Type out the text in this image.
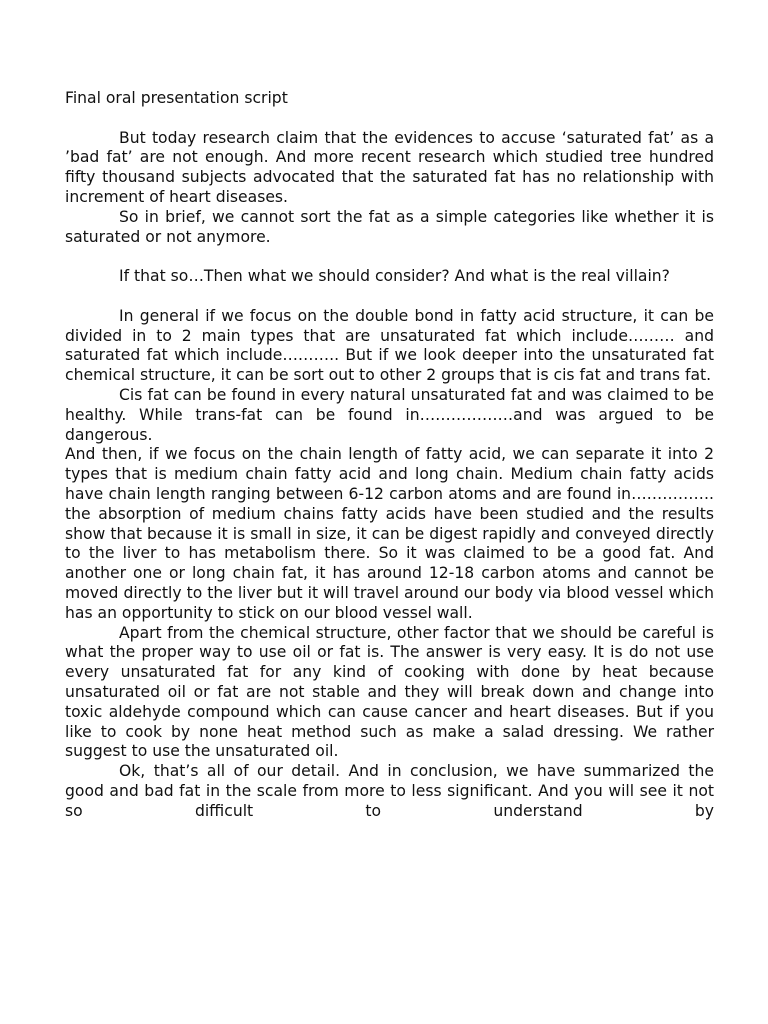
Final oral presentation script

But today research claim that the evidences to accuse ‘saturated fat’ as a ’bad fat’ are not enough. And more recent research which studied tree hundred fifty thousand subjects advocated that the saturated fat has no relationship with increment of heart diseases.

So in brief, we cannot sort the fat as a simple categories like whether it is saturated or not anymore.

If that so…Then what we should consider? And what is the real villain?

In general if we focus on the double bond in fatty acid structure, it can be divided in to 2 main types that are unsaturated fat which include……… and saturated fat which include……….. But if we look deeper into the unsaturated fat chemical structure, it can be sort out to other 2 groups that is cis fat and trans fat.

Cis fat can be found in every natural unsaturated fat and was claimed to be healthy. While trans-fat can be found in………………and was argued to be dangerous.

And then, if we focus on the chain length of fatty acid, we can separate it into 2 types that is medium chain fatty acid and long chain. Medium chain fatty acids have chain length ranging between 6-12 carbon atoms and are found in……………. the absorption of medium chains fatty acids have been studied and the results show that because it is small in size, it can be digest rapidly and conveyed directly to the liver to has metabolism there. So it was claimed to be a good fat. And another one or long chain fat, it has around 12-18 carbon atoms and cannot be moved directly to the liver but it will travel around our body via blood vessel which has an opportunity to stick on our blood vessel wall.

Apart from the chemical structure, other factor that we should be careful is what the proper way to use oil or fat is. The answer is very easy. It is do not use every unsaturated fat for any kind of cooking with done by heat because unsaturated oil or fat are not stable and they will break down and change into toxic aldehyde compound which can cause cancer and heart diseases. But if you like to cook by none heat method such as make a salad dressing. We rather suggest to use the unsaturated oil.

Ok, that’s all of our detail. And in conclusion, we have summarized the good and bad fat in the scale from more to less significant. And you will see it not so difficult to understand by
